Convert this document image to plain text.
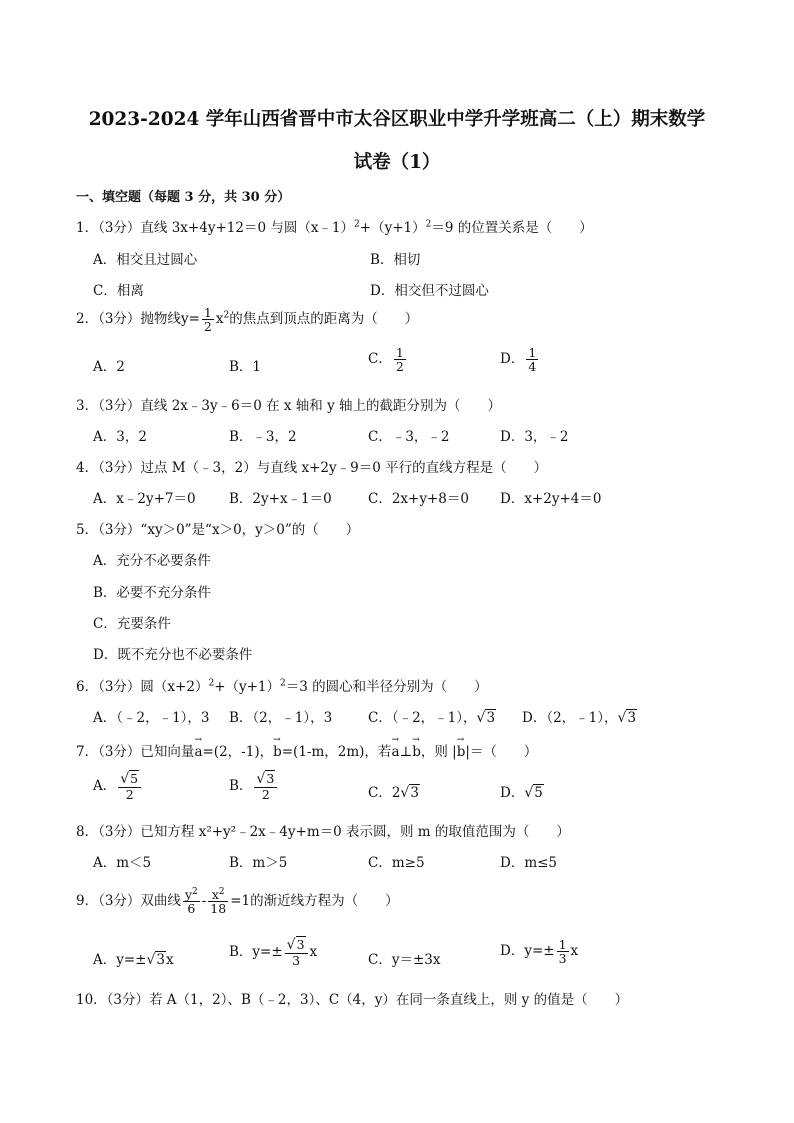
2023-2024 学年山西省晋中市太谷区职业中学升学班高二（上）期末数学
试卷（1）
一、填空题（每题 3 分，共 30 分）
1．（3分）直线 3x+4y+12＝0 与圆$(x﹣1)^2+(y+1)^2=9$ 的位置关系是（　　）
A．相交且过圆心	B．相切
C．相离	D．相交但不过圆心
2．（3分）抛物线$y= \frac{1}{2} x^2$的焦点到顶点的距离为（　　）
A．2	B．1	C． $\frac{1}{2}$	D． $\frac{1}{4}$
3．（3分）直线 2x﹣3y﹣6＝0 在 x 轴和 y 轴上的截距分别为（　　）
A．3，2	B．﹣3，2	C．﹣3，﹣2	D．3，﹣2
4．（3分）过点 M（﹣3，2）与直线 x+2y﹣9＝0 平行的直线方程是（　　）
A．x﹣2y+7＝0 B．2y+x﹣1＝0	C．2x+y+8＝0 D．x+2y+4＝0
5．（3分）“xy＞0”是“x＞0，y＞0”的（　　）
A．充分不必要条件
B．必要不充分条件
C．充要条件
D．既不充分也不必要条件
6．（3分）圆$(x+2)^2+(y+1)^2=3$ 的圆心和半径分别为（　　）
A．（﹣2，﹣1），3 B．（2，﹣1），3	C．（﹣2，﹣1），√3 D．（2，﹣1），√3
7．（3分）已知向量
→
a=(2，-1)，
→
b=(1-m，2m)，若
→
a⊥
→
b，则 |
→
b|＝（　　）
A． $\frac{√5}{2}$	B． $\frac{√3}{2}$	C．2√3	D．√5
8．（3分）已知方程 x²+y²﹣2x﹣4y+m＝0 表示圆，则 m 的取值范围为（　　）
A．m＜5	B．m＞5	C．m≥5	D．m≤5
9．（3分）双曲线 $\frac{y^2}{6} - \frac{x^2}{18} =1$的渐近线方程为（　　）
A．y=±√3x
B．$y=\pm \frac{√3}{3}$ x
C．y＝±3x
D．$y=\pm \frac{1}{3}$ x
10．（3分）若 A（1，2）、B（﹣2，3）、C（4，y）在同一条直线上，则 y 的值是（　　）
